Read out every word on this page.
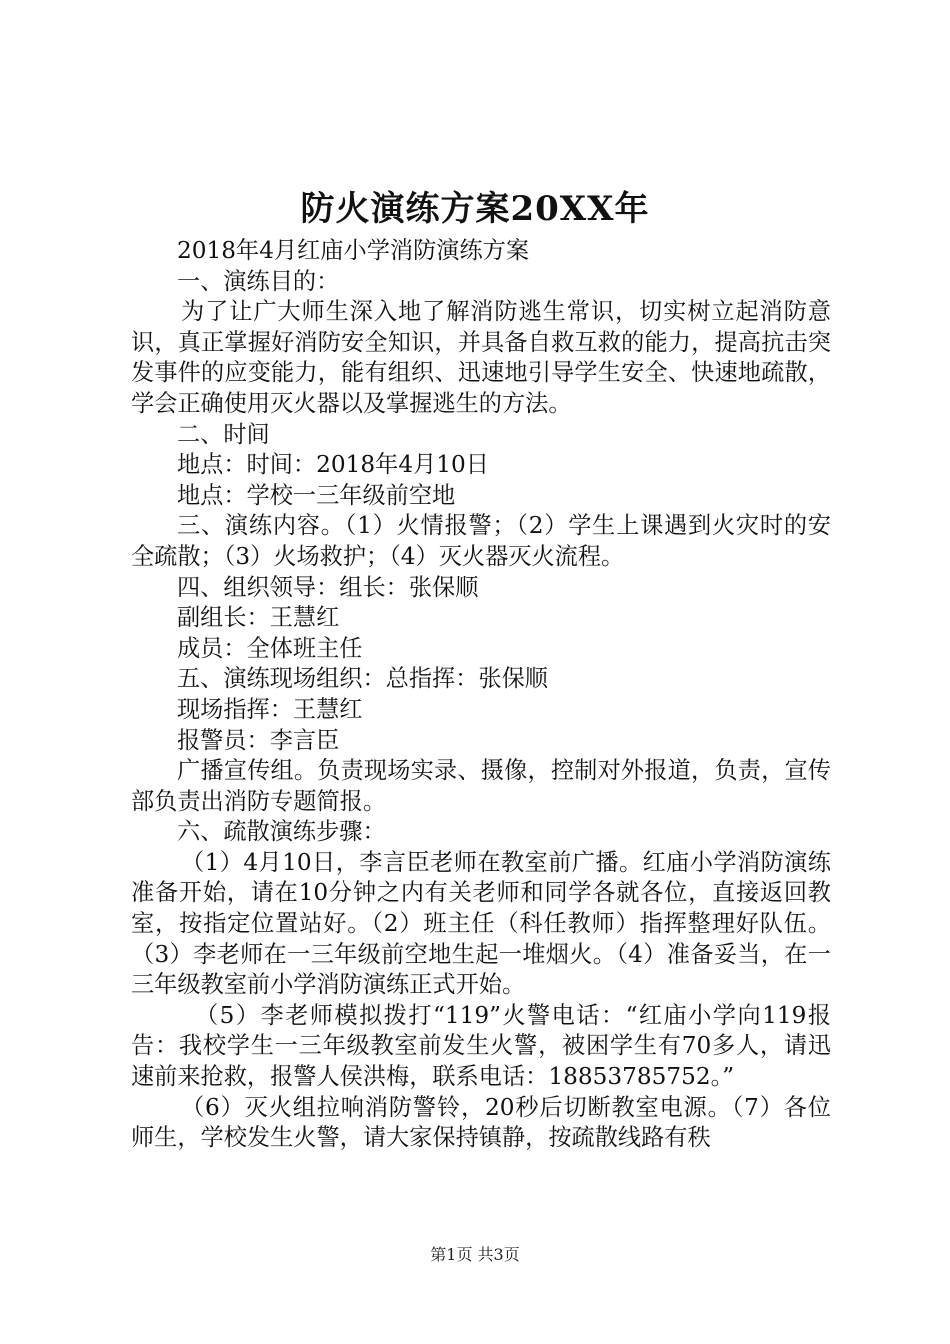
防火演练方案20XX年

2018年4月红庙小学消防演练方案

一、演练目的：

为了让广大师生深入地了解消防逃生常识，切实树立起消防意识，真正掌握好消防安全知识，并具备自救互救的能力，提高抗击突发事件的应变能力，能有组织、迅速地引导学生安全、快速地疏散，学会正确使用灭火器以及掌握逃生的方法。

二、时间

地点：时间：2018年4月10日

地点：学校一三年级前空地

三、演练内容。（1）火情报警；（2）学生上课遇到火灾时的安全疏散；（3）火场救护；（4）灭火器灭火流程。

四、组织领导：组长：张保顺

副组长：王慧红

成员：全体班主任

五、演练现场组织：总指挥：张保顺

现场指挥：王慧红

报警员：李言臣

广播宣传组。负责现场实录、摄像，控制对外报道，负责，宣传部负责出消防专题简报。

六、疏散演练步骤：

（1）4月10日，李言臣老师在教室前广播。红庙小学消防演练准备开始，请在10分钟之内有关老师和同学各就各位，直接返回教室，按指定位置站好。（2）班主任（科任教师）指挥整理好队伍。（3）李老师在一三年级前空地生起一堆烟火。（4）准备妥当，在一三年级教室前小学消防演练正式开始。

（5）李老师模拟拨打“119”火警电话：“红庙小学向119报告：我校学生一三年级教室前发生火警，被困学生有70多人，请迅速前来抢救，报警人侯洪梅，联系电话：18853785752。”

（6）灭火组拉响消防警铃，20秒后切断教室电源。（7）各位师生，学校发生火警，请大家保持镇静，按疏散线路有秩

第1页 共3页
